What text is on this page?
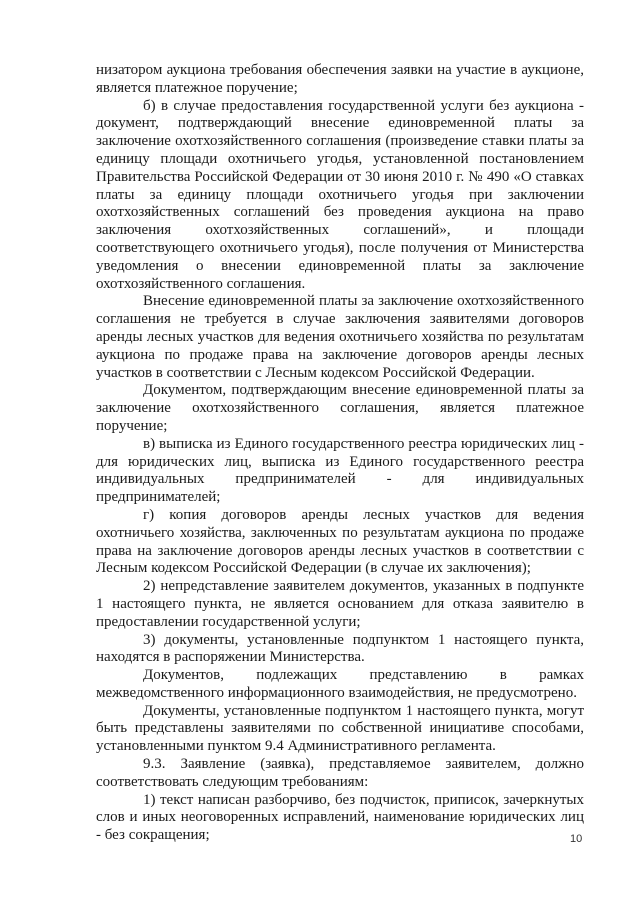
низатором аукциона требования обеспечения заявки на участие в аукционе, является платежное поручение;

б) в случае предоставления государственной услуги без аукциона - документ, подтверждающий внесение единовременной платы за заключение охотхозяйственного соглашения (произведение ставки платы за единицу площади охотничьего угодья, установленной постановлением Правительства Российской Федерации от 30 июня 2010 г. № 490 «О ставках платы за единицу площади охотничьего угодья при заключении охотхозяйственных соглашений без проведения аукциона на право заключения охотхозяйственных соглашений», и площади соответствующего охотничьего угодья), после получения от Министерства уведомления о внесении единовременной платы за заключение охотхозяйственного соглашения.

Внесение единовременной платы за заключение охотхозяйственного соглашения не требуется в случае заключения заявителями договоров аренды лесных участков для ведения охотничьего хозяйства по результатам аукциона по продаже права на заключение договоров аренды лесных участков в соответствии с Лесным кодексом Российской Федерации.

Документом, подтверждающим внесение единовременной платы за заключение охотхозяйственного соглашения, является платежное поручение;

в) выписка из Единого государственного реестра юридических лиц - для юридических лиц, выписка из Единого государственного реестра индивидуальных предпринимателей - для индивидуальных предпринимателей;

г) копия договоров аренды лесных участков для ведения охотничьего хозяйства, заключенных по результатам аукциона по продаже права на заключение договоров аренды лесных участков в соответствии с Лесным кодексом Российской Федерации (в случае их заключения);

2) непредставление заявителем документов, указанных в подпункте 1 настоящего пункта, не является основанием для отказа заявителю в предоставлении государственной услуги;

3) документы, установленные подпунктом 1 настоящего пункта, находятся в распоряжении Министерства.

Документов, подлежащих представлению в рамках межведомственного информационного взаимодействия, не предусмотрено.

Документы, установленные подпунктом 1 настоящего пункта, могут быть представлены заявителями по собственной инициативе способами, установленными пунктом 9.4 Административного регламента.

9.3. Заявление (заявка), представляемое заявителем, должно соответствовать следующим требованиям:

1) текст написан разборчиво, без подчисток, приписок, зачеркнутых слов и иных неоговоренных исправлений, наименование юридических лиц - без сокращения;	10
